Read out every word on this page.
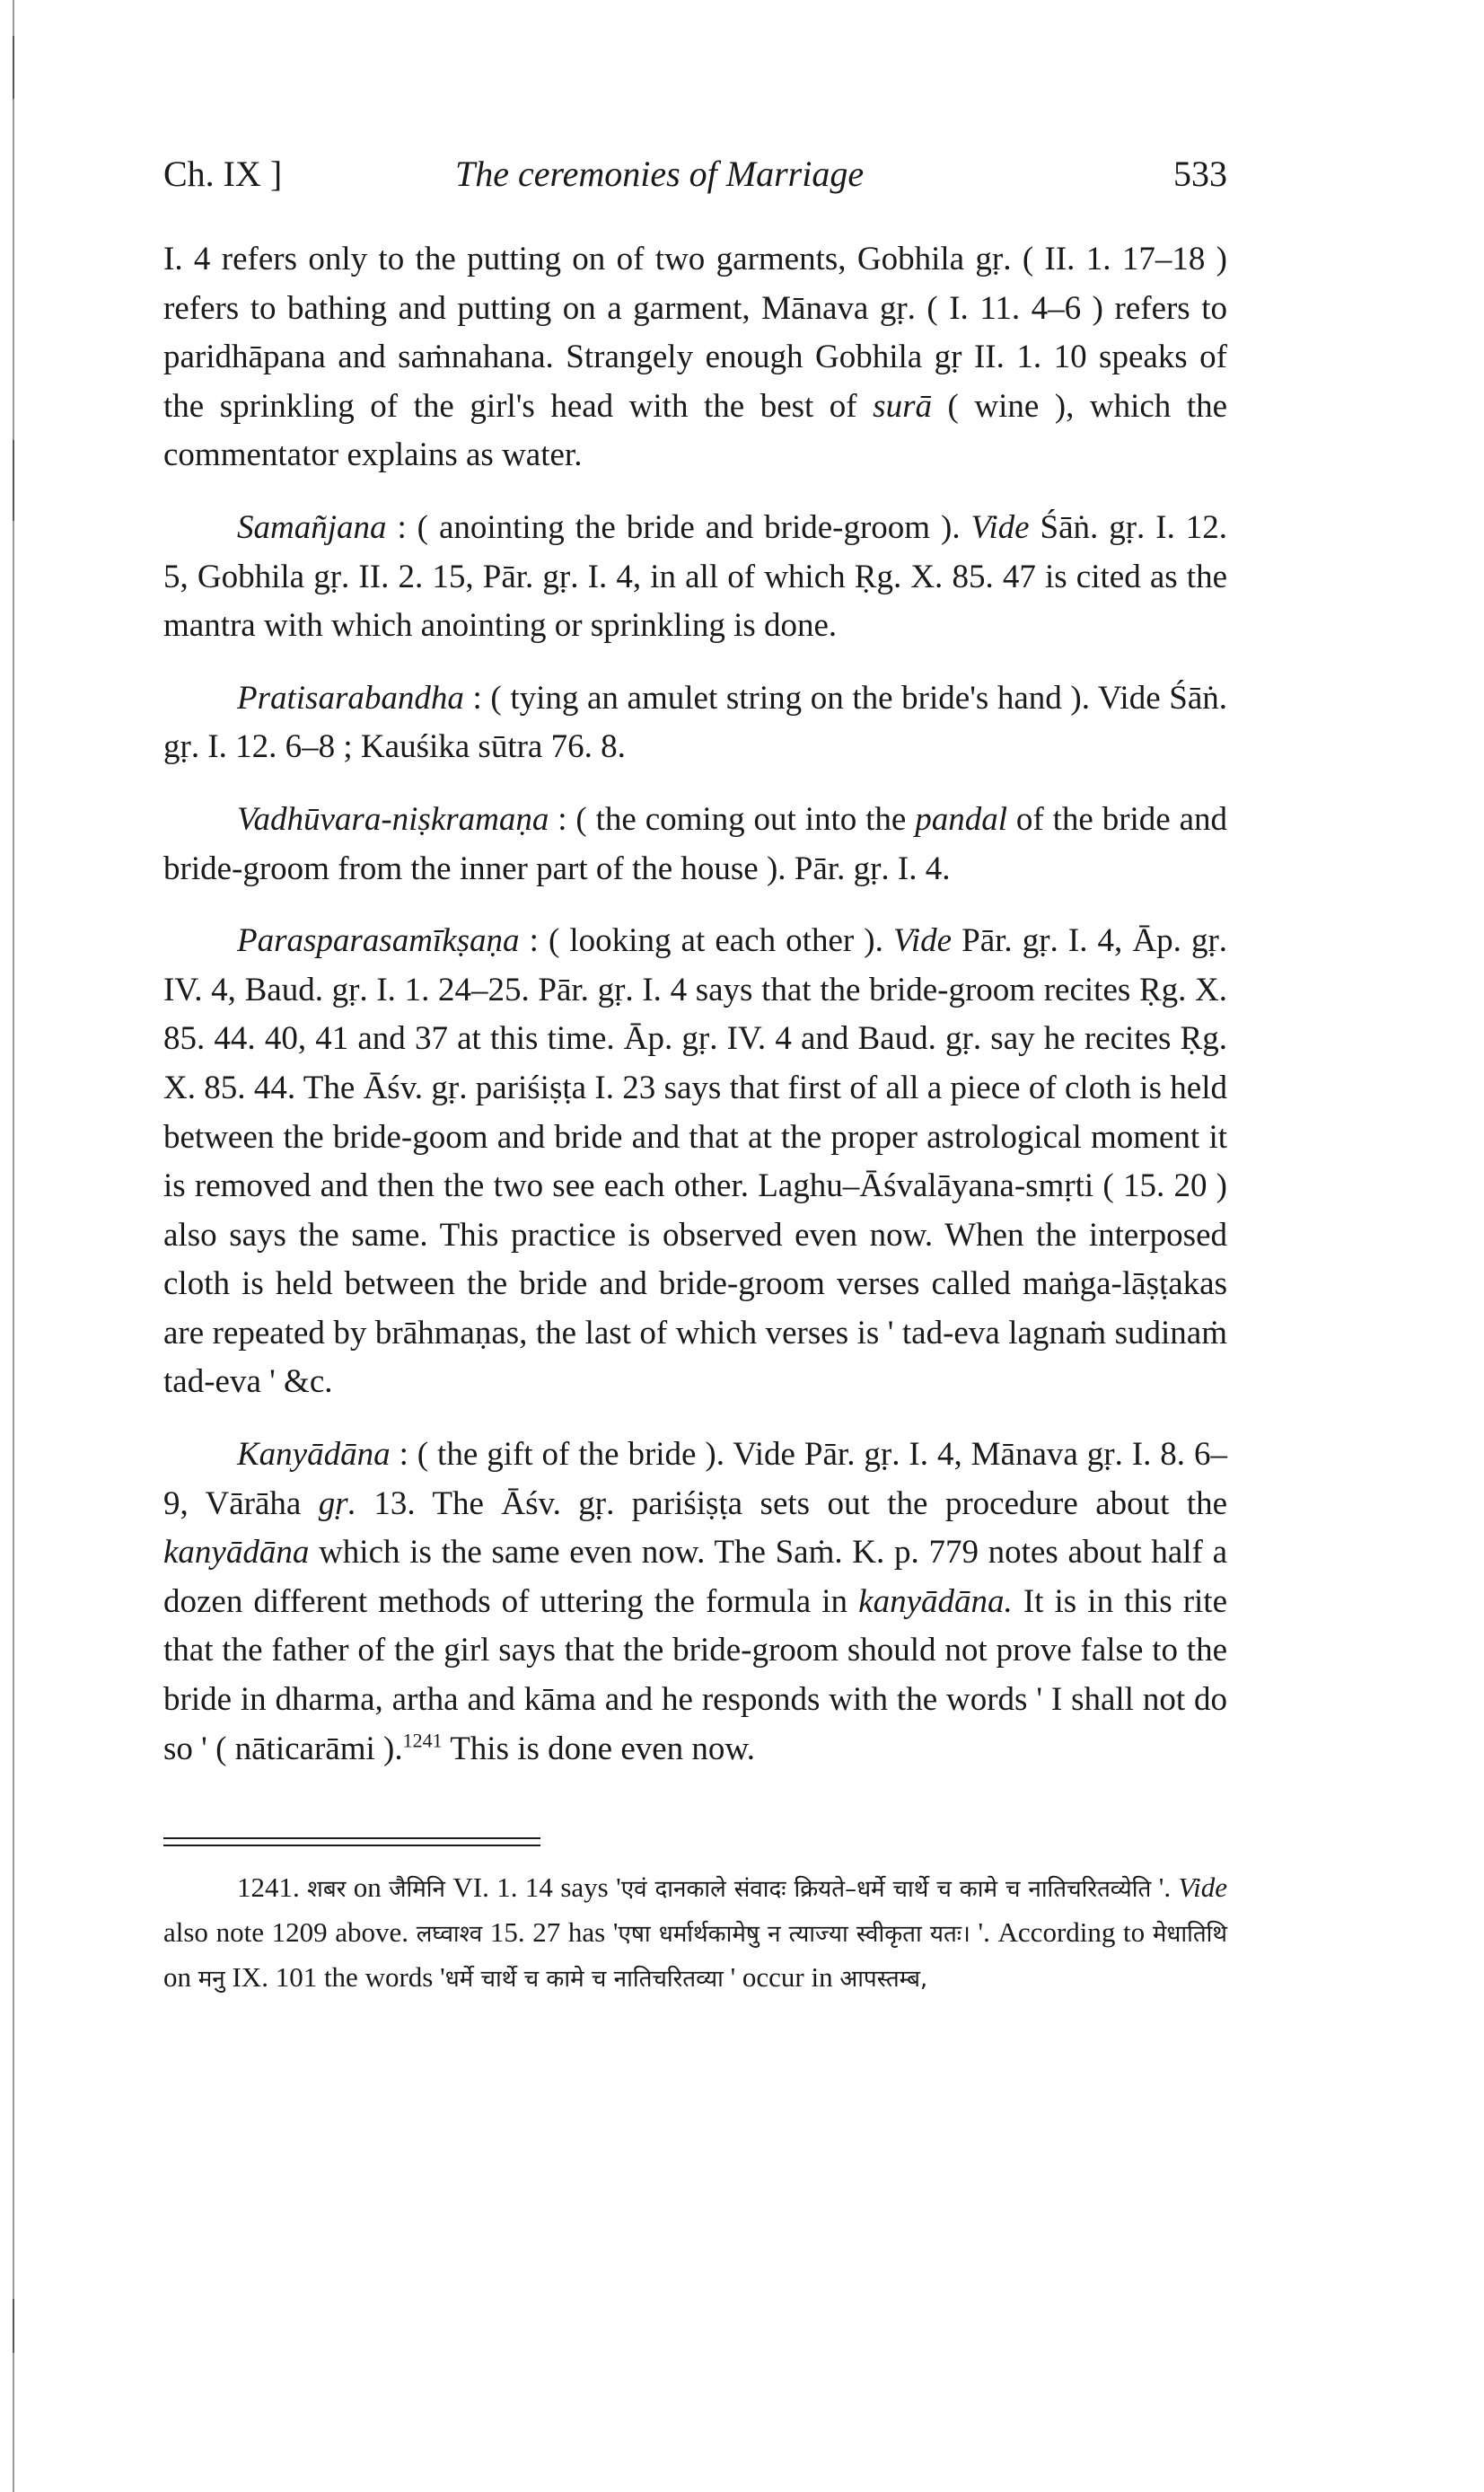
Ch. IX ]	The ceremonies of Marriage	533

I. 4 refers only to the putting on of two garments, Gobhila gṛ. ( II. 1. 17–18 ) refers to bathing and putting on a garment, Mānava gṛ. ( I. 11. 4–6 ) refers to paridhāpana and saṁnahana. Strangely enough Gobhila gṛ II. 1. 10 speaks of the sprinkling of the girl's head with the best of surā ( wine ), which the commentator explains as water.

Samañjana : ( anointing the bride and bride-groom ). Vide Śāṅ. gṛ. I. 12. 5, Gobhila gṛ. II. 2. 15, Pār. gṛ. I. 4, in all of which Ṛg. X. 85. 47 is cited as the mantra with which anointing or sprinkling is done.

Pratisarabandha : ( tying an amulet string on the bride's hand ). Vide Śāṅ. gṛ. I. 12. 6–8 ; Kauśika sūtra 76. 8.

Vadhūvara-niṣkramaṇa : ( the coming out into the pandal of the bride and bride-groom from the inner part of the house ). Pār. gṛ. I. 4.

Parasparasamīkṣaṇa : ( looking at each other ). Vide Pār. gṛ. I. 4, Āp. gṛ. IV. 4, Baud. gṛ. I. 1. 24–25. Pār. gṛ. I. 4 says that the bride-groom recites Ṛg. X. 85. 44. 40, 41 and 37 at this time. Āp. gṛ. IV. 4 and Baud. gṛ. say he recites Ṛg. X. 85. 44. The Āśv. gṛ. pariśiṣṭa I. 23 says that first of all a piece of cloth is held between the bride-goom and bride and that at the proper astrological moment it is removed and then the two see each other. Laghu–Āśvalāyana-smṛti ( 15. 20 ) also says the same. This practice is observed even now. When the interposed cloth is held between the bride and bride-groom verses called maṅga-lāṣṭakas are repeated by brāhmaṇas, the last of which verses is ' tad-eva lagnaṁ sudinaṁ tad-eva ' &c.

Kanyādāna : ( the gift of the bride ). Vide Pār. gṛ. I. 4, Mānava gṛ. I. 8. 6–9, Vārāha gṛ. 13. The Āśv. gṛ. pariśiṣṭa sets out the procedure about the kanyādāna which is the same even now. The Saṁ. K. p. 779 notes about half a dozen different methods of uttering the formula in kanyādāna. It is in this rite that the father of the girl says that the bride-groom should not prove false to the bride in dharma, artha and kāma and he responds with the words ' I shall not do so ' ( nāticarāmi ).$^{1241}$ This is done even now.

1241. शबर on जैमिनि VI. 1. 14 says 'एवं दानकाले संवादः क्रियते–धर्मे चार्थे च कामे च नातिचरितव्येति '. Vide also note 1209 above. लघ्वाश्व 15. 27 has 'एषा धर्मार्थकामेषु न त्याज्या स्वीकृता यतः। '. According to मेधातिथि on मनु IX. 101 the words 'धर्मे चार्थे च कामे च नातिचरितव्या ' occur in आपस्तम्ब,
